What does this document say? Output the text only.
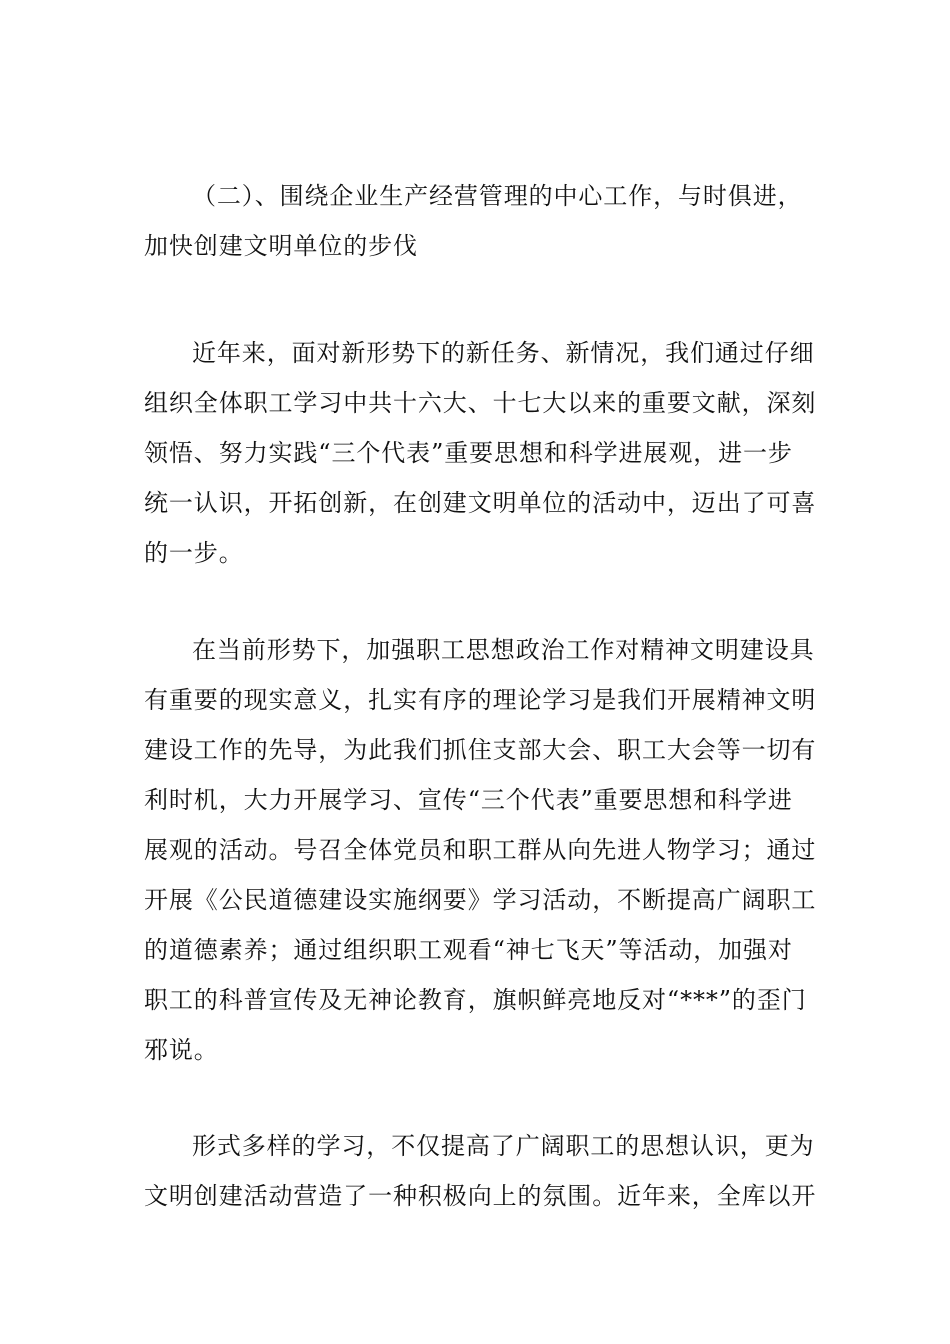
（二）、围绕企业生产经营管理的中心工作，与时俱进，
加快创建文明单位的步伐
近年来，面对新形势下的新任务、新情况，我们通过仔细
组织全体职工学习中共十六大、十七大以来的重要文献，深刻
领悟、努力实践“三个代表”重要思想和科学进展观，进一步
统一认识，开拓创新，在创建文明单位的活动中，迈出了可喜
的一步。
在当前形势下，加强职工思想政治工作对精神文明建设具
有重要的现实意义，扎实有序的理论学习是我们开展精神文明
建设工作的先导，为此我们抓住支部大会、职工大会等一切有
利时机，大力开展学习、宣传“三个代表”重要思想和科学进
展观的活动。号召全体党员和职工群从向先进人物学习；通过
开展《公民道德建设实施纲要》学习活动，不断提高广阔职工
的道德素养；通过组织职工观看“神七飞天”等活动，加强对
职工的科普宣传及无神论教育，旗帜鲜亮地反对“***”的歪门
邪说。
形式多样的学习，不仅提高了广阔职工的思想认识，更为
文明创建活动营造了一种积极向上的氛围。近年来，全库以开
